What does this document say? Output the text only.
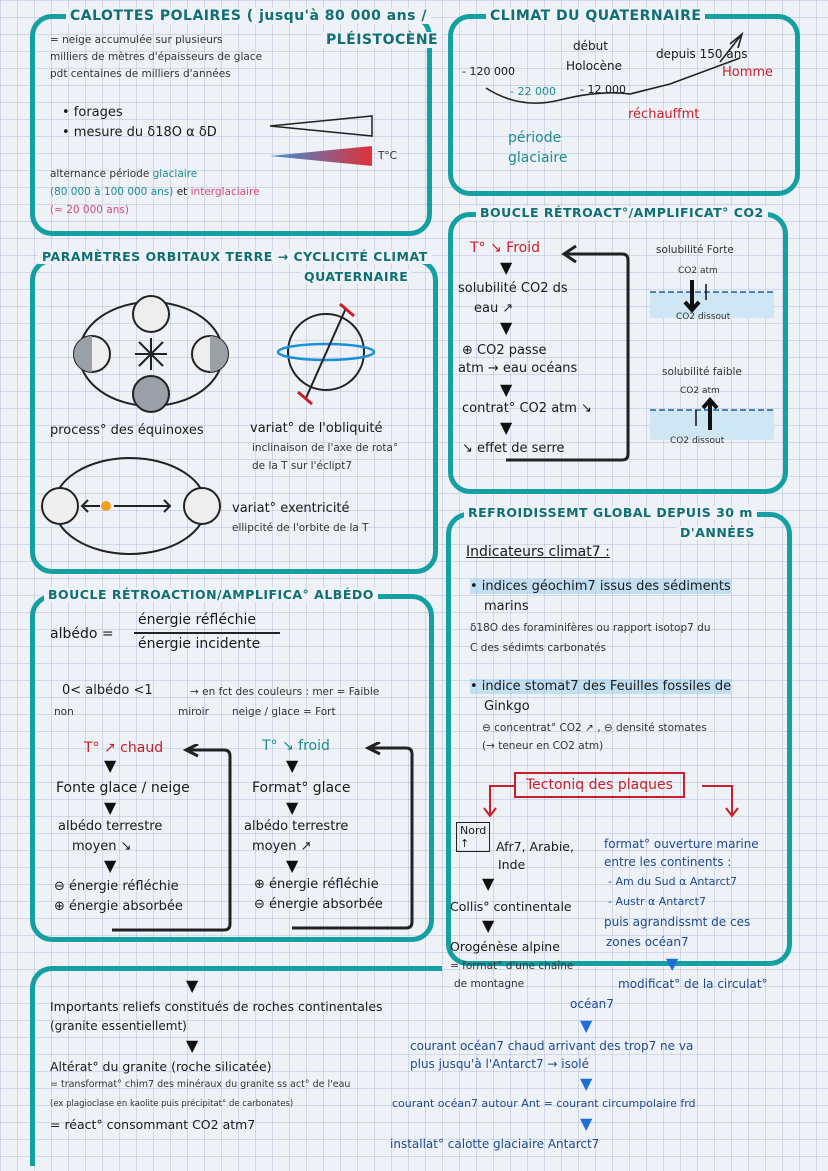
CALOTTES POLAIRES ( jusqu'à 80 000 ans /
PLÉISTOCÈNE
= neige accumulée sur plusieurs
milliers de mètres d'épaisseurs de glace
pdt centaines de milliers d'années
• forages
• mesure du δ18O α δD
T°C
alternance période glaciaire
(80 000 à 100 000 ans) et interglaciaire
(≈ 20 000 ans)
CLIMAT DU QUATERNAIRE
début
Holocène
depuis 150 ans
Homme
- 120 000
- 22 000 - 12 000
réchauffmt
période
glaciaire
PARAMÈTRES ORBITAUX TERRE → CYCLICITÉ CLIMAT
QUATERNAIRE
process° des équinoxes	variat° de l'obliquité
inclinaison de l'axe de rota°
de la T sur l'éclipt7
variat° exentricité
ellipcité de l'orbite de la T
BOUCLE RÉTROACTION/AMPLIFICA° ALBÉDO
albédo =
énergie réfléchie
énergie incidente
0< albédo <1
non	miroir
→ en fct des couleurs : mer = Faible
neige / glace = Fort
T° ↗ chaud	T° ↘ froid
▼
Fonte glace / neige
▼
albédo terrestre
moyen ↘
▼
⊖ énergie réfléchie
⊕ énergie absorbée
▼
Format° glace
▼
albédo terrestre
moyen ↗
▼
⊕ énergie réfléchie
⊖ énergie absorbée
BOUCLE RÉTROACT°/AMPLIFICAT° CO2
T° ↘ Froid
▼
solubilité CO2 ds
eau ↗
▼
⊕ CO2 passe
atm → eau océans
▼
contrat° CO2 atm ↘
▼
↘ effet de serre
solubilité Forte
CO2 atm
CO2 dissout
solubilité faible
CO2 atm
CO2 dissout
REFROIDISSEMT GLOBAL DEPUIS 30 m
D'ANNÉES
Indicateurs climat7 :
• indices géochim7 issus des sédiments
marins
δ18O des foraminifères ou rapport isotop7 du
C des sédimts carbonatés
• indice stomat7 des Feuilles fossiles de
Ginkgo
⊖ concentrat° CO2 ↗ , ⊖ densité stomates
(→ teneur en CO2 atm)
Tectoniq des plaques
Nord
↑	Afr7, Arabie,
Inde
▼
Collis° continentale
▼
Orogénèse alpine
= format° d'une chaîne
de montagne
format° ouverture marine
entre les continents :
- Am du Sud α Antarct7
- Austr α Antarct7
puis agrandissmt de ces
zones océan7
▼
modificat° de la circulat°
océan7
▼
Importants reliefs constitués de roches continentales
(granite essentiellemt)
▼
Altérat° du granite (roche silicatée)
= transformat° chim7 des minéraux du granite ss act° de l'eau
(ex plagioclase en kaolite puis précipitat° de carbonates)
= réact° consommant CO2 atm7
▼
courant océan7 chaud arrivant des trop7 ne va
plus jusqu'à l'Antarct7 → isolé
▼
courant océan7 autour Ant = courant circumpolaire frd
▼
installat° calotte glaciaire Antarct7
